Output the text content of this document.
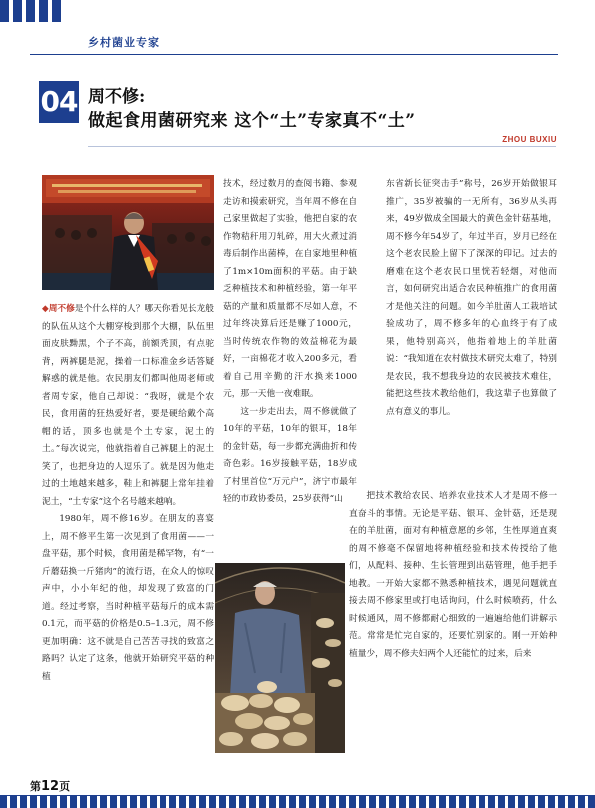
乡村菌业专家
04 周不修:
做起食用菌研究来 这个“土”专家真不“土”
ZHOU BUXIU

◆周不修是个什么样的人？哪天你看见长龙般的队伍从这个大棚穿梭到那个大棚，队伍里面皮肤黝黑，个子不高，前额秃顶，有点驼背，两裤腿是泥，操着一口标准金乡话答疑解惑的就是他。农民朋友们都叫他周老师或者周专家，他自己却说：“我呀，就是个农民，食用菌的狂热爱好者，要是硬给戴个高帽的话，顶多也就是个土专家，泥土的土。”每次说完，他就指着自己裤腿上的泥土笑了，也把身边的人逗乐了。就是因为他走过的土地越来越多，鞋上和裤腿上常年挂着泥土，“土专家”这个名号越来越响。

1980年，周不修16岁。在朋友的喜宴上，周不修平生第一次见到了食用菌——一盘平菇，那个时候，食用菌是稀罕物，有“一斤蘑菇换一斤猪肉”的流行语，在众人的惊叹声中，小小年纪的他，却发现了致富的门道。经过考察，当时种植平菇每斤的成本需0.1元，而平菇的价格是0.5–1.3元，周不修更加明确：这不就是自己苦苦寻找的致富之路吗？认定了这条，他就开始研究平菇的种植

技术，经过数月的查阅书籍、参观走访和摸索研究，当年周不修在自己家里做起了实验，他把自家的农作物秸秆用刀轧碎，用大火煮过消毒后制作出菌棒，在自家地里种植了1m×10m面积的平菇。由于缺乏种植技术和种植经验，第一年平菇的产量和质量都不尽如人意，不过年终决算后还是赚了1000元，当时传统农作物的效益棉花为最好，一亩棉花才收入200多元，看着自己用辛勤的汗水换来1000元，那一天他一夜难眠。

这一步走出去，周不修就做了10年的平菇，10年的银耳，18年的金针菇，每一步都充满曲折和传奇色彩。16岁接触平菇，18岁成了村里首位“万元户”，济宁市最年轻的市政协委员，25岁获得“山

东省新长征突击手”称号，26岁开始做银耳推广，35岁被骗的一无所有，36岁从头再来，49岁做成全国最大的黄色金针菇基地，周不修今年54岁了，年过半百，岁月已经在这个老农民脸上留下了深深的印记。过去的磨难在这个老农民口里恍若轻烟，对他而言，如何研究出适合农民种植推广的食用菌才是他关注的问题。如今羊肚菌人工栽培试验成功了，周不修多年的心血终于有了成果，他特别高兴，他指着地上的羊肚菌说：“我知道在农村做技术研究太难了，特别是农民，我不想我身边的农民被技术难住，能把这些技术教给他们，我这辈子也算做了点有意义的事儿。

把技术教给农民、培养农业技术人才是周不修一直奋斗的事情。无论是平菇、银耳、金针菇，还是现在的羊肚菌，面对有种植意愿的乡邻，生性厚道直爽的周不修毫不保留地将种植经验和技术传授给了他们，从配料、接种、生长管理到出菇管理，他手把手地教。一开始大家都不熟悉种植技术，遇见问题就直接去周不修家里或打电话询问，什么时候喷药，什么时候通风，周不修都耐心细致的一遍遍给他们讲解示范。常常是忙完自家的，还要忙别家的。刚一开始种植量少，周不修夫妇两个人还能忙的过来，后来

第12页
